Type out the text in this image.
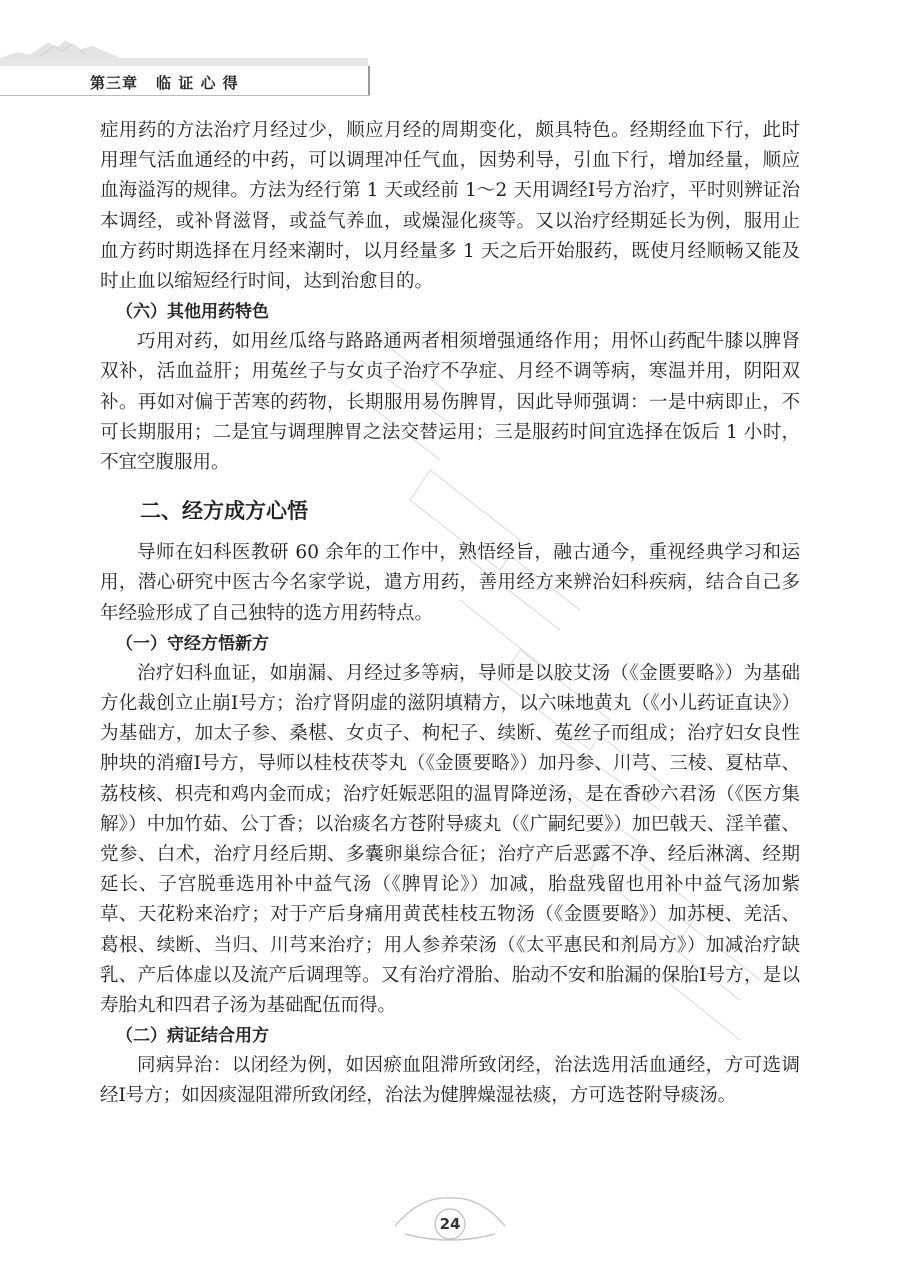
第三章 临 证 心 得

症用药的方法治疗月经过少，顺应月经的周期变化，颇具特色。经期经血下行，此时用理气活血通经的中药，可以调理冲任气血，因势利导，引血下行，增加经量，顺应血海溢泻的规律。方法为经行第 1 天或经前 1～2 天用调经Ⅰ号方治疗，平时则辨证治本调经，或补肾滋肾，或益气养血，或燥湿化痰等。又以治疗经期延长为例，服用止血方药时期选择在月经来潮时，以月经量多 1 天之后开始服药，既使月经顺畅又能及时止血以缩短经行时间，达到治愈目的。

（六）其他用药特色

巧用对药，如用丝瓜络与路路通两者相须增强通络作用；用怀山药配牛膝以脾肾双补，活血益肝；用菟丝子与女贞子治疗不孕症、月经不调等病，寒温并用，阴阳双补。再如对偏于苦寒的药物，长期服用易伤脾胃，因此导师强调：一是中病即止，不可长期服用；二是宜与调理脾胃之法交替运用；三是服药时间宜选择在饭后 1 小时，不宜空腹服用。

二、经方成方心悟

导师在妇科医教研 60 余年的工作中，熟悟经旨，融古通今，重视经典学习和运用，潜心研究中医古今名家学说，遣方用药，善用经方来辨治妇科疾病，结合自己多年经验形成了自己独特的选方用药特点。

（一）守经方悟新方

治疗妇科血证，如崩漏、月经过多等病，导师是以胶艾汤（《金匮要略》）为基础方化裁创立止崩Ⅰ号方；治疗肾阴虚的滋阴填精方，以六味地黄丸（《小儿药证直诀》）为基础方，加太子参、桑椹、女贞子、枸杞子、续断、菟丝子而组成；治疗妇女良性肿块的消瘤Ⅰ号方，导师以桂枝茯苓丸（《金匮要略》）加丹参、川芎、三棱、夏枯草、荔枝核、枳壳和鸡内金而成；治疗妊娠恶阻的温胃降逆汤，是在香砂六君汤（《医方集解》）中加竹茹、公丁香；以治痰名方苍附导痰丸（《广嗣纪要》）加巴戟天、淫羊藿、党参、白术，治疗月经后期、多囊卵巢综合征；治疗产后恶露不净、经后淋漓、经期延长、子宫脱垂选用补中益气汤（《脾胃论》）加减，胎盘残留也用补中益气汤加紫草、天花粉来治疗；对于产后身痛用黄芪桂枝五物汤（《金匮要略》）加苏梗、羌活、葛根、续断、当归、川芎来治疗；用人参养荣汤（《太平惠民和剂局方》）加减治疗缺乳、产后体虚以及流产后调理等。又有治疗滑胎、胎动不安和胎漏的保胎Ⅰ号方，是以寿胎丸和四君子汤为基础配伍而得。

（二）病证结合用方

同病异治：以闭经为例，如因瘀血阻滞所致闭经，治法选用活血通经，方可选调经Ⅰ号方；如因痰湿阻滞所致闭经，治法为健脾燥湿祛痰，方可选苍附导痰汤。

24
